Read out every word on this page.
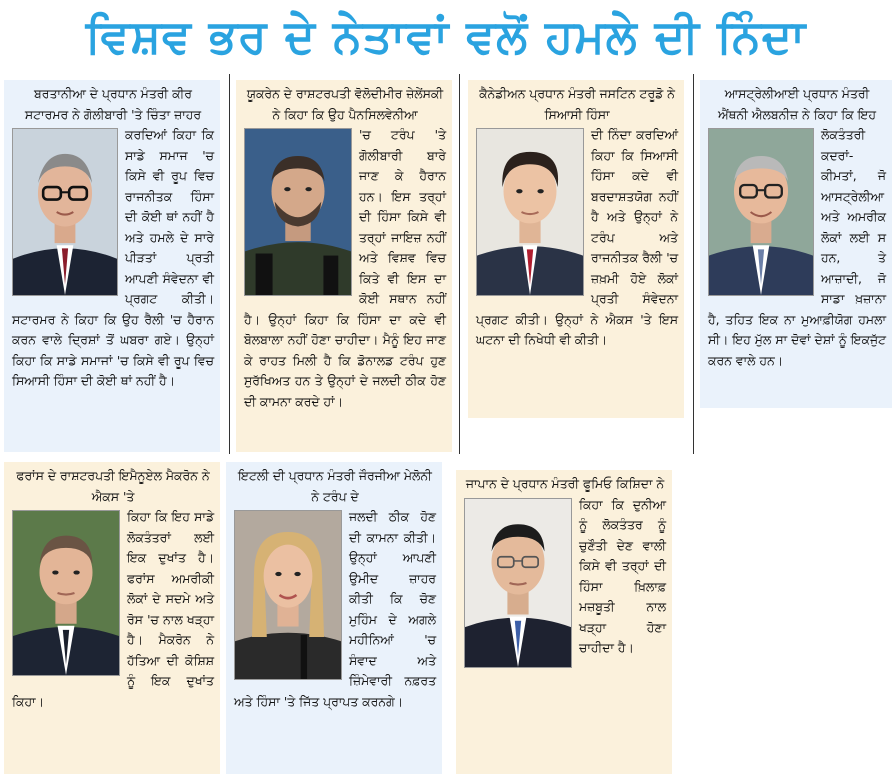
ਵਿਸ਼ਵ ਭਰ ਦੇ ਨੇਤਾਵਾਂ ਵਲੋਂ ਹਮਲੇ ਦੀ ਨਿੰਦਾ

ਬਰਤਾਨੀਆ ਦੇ ਪ੍ਰਧਾਨ ਮੰਤਰੀ ਕੀਰ ਸਟਾਰਮਰ ਨੇ ਗੋਲੀਬਾਰੀ 'ਤੇ ਚਿੰਤਾ ਜ਼ਾਹਰ

ਕਰਦਿਆਂ ਕਿਹਾ ਕਿ ਸਾਡੇ ਸਮਾਜ 'ਚ ਕਿਸੇ ਵੀ ਰੂਪ ਵਿਚ ਰਾਜਨੀਤਕ ਹਿੰਸਾ ਦੀ ਕੋਈ ਥਾਂ ਨਹੀਂ ਹੈ ਅਤੇ ਹਮਲੇ ਦੇ ਸਾਰੇ ਪੀੜਤਾਂ ਪ੍ਰਤੀ ਆਪਣੀ ਸੰਵੇਦਨਾ ਵੀ ਪ੍ਰਗਟ ਕੀਤੀ। ਸਟਾਰਮਰ ਨੇ ਕਿਹਾ ਕਿ ਉਹ ਰੈਲੀ 'ਚ ਹੈਰਾਨ ਕਰਨ ਵਾਲੇ ਦ੍ਰਿਸ਼ਾਂ ਤੋਂ ਘਬਰਾ ਗਏ। ਉਨ੍ਹਾਂ ਕਿਹਾ ਕਿ ਸਾਡੇ ਸਮਾਜਾਂ 'ਚ ਕਿਸੇ ਵੀ ਰੂਪ ਵਿਚ ਸਿਆਸੀ ਹਿੰਸਾ ਦੀ ਕੋਈ ਥਾਂ ਨਹੀਂ ਹੈ।

ਯੂਕਰੇਨ ਦੇ ਰਾਸ਼ਟਰਪਤੀ ਵੋਲੋਦੀਮੀਰ ਜ਼ੇਲੇਂਸਕੀ ਨੇ ਕਿਹਾ ਕਿ ਉਹ ਪੈਨਸਿਲਵੇਨੀਆ

'ਚ ਟਰੰਪ 'ਤੇ ਗੋਲੀਬਾਰੀ ਬਾਰੇ ਜਾਣ ਕੇ ਹੈਰਾਨ ਹਨ। ਇਸ ਤਰ੍ਹਾਂ ਦੀ ਹਿੰਸਾ ਕਿਸੇ ਵੀ ਤਰ੍ਹਾਂ ਜਾਇਜ਼ ਨਹੀਂ ਅਤੇ ਵਿਸ਼ਵ ਵਿਚ ਕਿਤੇ ਵੀ ਇਸ ਦਾ ਕੋਈ ਸਥਾਨ ਨਹੀਂ ਹੈ। ਉਨ੍ਹਾਂ ਕਿਹਾ ਕਿ ਹਿੰਸਾ ਦਾ ਕਦੇ ਵੀ ਬੋਲਬਾਲਾ ਨਹੀਂ ਹੋਣਾ ਚਾਹੀਦਾ। ਮੈਨੂੰ ਇਹ ਜਾਣ ਕੇ ਰਾਹਤ ਮਿਲੀ ਹੈ ਕਿ ਡੋਨਾਲਡ ਟਰੰਪ ਹੁਣ ਸੁਰੱਖਿਅਤ ਹਨ ਤੇ ਉਨ੍ਹਾਂ ਦੇ ਜਲਦੀ ਠੀਕ ਹੋਣ ਦੀ ਕਾਮਨਾ ਕਰਦੇ ਹਾਂ।

ਕੈਨੇਡੀਅਨ ਪ੍ਰਧਾਨ ਮੰਤਰੀ ਜਸਟਿਨ ਟਰੂਡੋ ਨੇ ਸਿਆਸੀ ਹਿੰਸਾ

ਦੀ ਨਿੰਦਾ ਕਰਦਿਆਂ ਕਿਹਾ ਕਿ ਸਿਆਸੀ ਹਿੰਸਾ ਕਦੇ ਵੀ ਬਰਦਾਸ਼ਤਯੋਗ ਨਹੀਂ ਹੈ ਅਤੇ ਉਨ੍ਹਾਂ ਨੇ ਟਰੰਪ ਅਤੇ ਰਾਜਨੀਤਕ ਰੈਲੀ 'ਚ ਜ਼ਖ਼ਮੀ ਹੋਏ ਲੋਕਾਂ ਪ੍ਰਤੀ ਸੰਵੇਦਨਾ ਪ੍ਰਗਟ ਕੀਤੀ। ਉਨ੍ਹਾਂ ਨੇ ਐਕਸ 'ਤੇ ਇਸ ਘਟਨਾ ਦੀ ਨਿਖੇਧੀ ਵੀ ਕੀਤੀ।

ਆਸਟ੍ਰੇਲੀਆਈ ਪ੍ਰਧਾਨ ਮੰਤਰੀ ਐਂਥਨੀ ਐਲਬਨੀਜ਼ ਨੇ ਕਿਹਾ ਕਿ ਇਹ

ਲੋਕਤੰਤਰੀ ਕਦਰਾਂ-ਕੀਮਤਾਂ, ਜੋ ਆਸਟ੍ਰੇਲੀਆ ਅਤੇ ਅਮਰੀਕ ਲੋਕਾਂ ਲਈ ਸ ਹਨ, ਤੇ ਆਜ਼ਾਦੀ, ਜੋ ਸਾਡਾ ਖ਼ਜ਼ਾਨਾ ਹੈ, ਤਹਿਤ ਇਕ ਨਾ ਮੁਆਫ਼ੀਯੋਗ ਹਮਲਾ ਸੀ। ਇਹ ਮੁੱਲ ਸਾ ਦੋਵਾਂ ਦੇਸ਼ਾਂ ਨੂੰ ਇਕਜੁੱਟ ਕਰਨ ਵਾਲੇ ਹਨ।

ਫਰਾਂਸ ਦੇ ਰਾਸ਼ਟਰਪਤੀ ਇਮੈਨੂਏਲ ਮੈਕਰੋਨ ਨੇ ਐਕਸ 'ਤੇ

ਕਿਹਾ ਕਿ ਇਹ ਸਾਡੇ ਲੋਕਤੰਤਰਾਂ ਲਈ ਇਕ ਦੁਖਾਂਤ ਹੈ। ਫਰਾਂਸ ਅਮਰੀਕੀ ਲੋਕਾਂ ਦੇ ਸਦਮੇ ਅਤੇ ਰੋਸ 'ਚ ਨਾਲ ਖੜ੍ਹਾ ਹੈ। ਮੈਕਰੋਨ ਨੇ ਹੱਤਿਆ ਦੀ ਕੋਸ਼ਿਸ਼ ਨੂੰ ਇਕ ਦੁਖਾਂਤ ਕਿਹਾ।

ਇਟਲੀ ਦੀ ਪ੍ਰਧਾਨ ਮੰਤਰੀ ਜੌਰਜੀਆ ਮੇਲੋਨੀ ਨੇ ਟਰੰਪ ਦੇ

ਜਲਦੀ ਠੀਕ ਹੋਣ ਦੀ ਕਾਮਨਾ ਕੀਤੀ। ਉਨ੍ਹਾਂ ਆਪਣੀ ਉਮੀਦ ਜ਼ਾਹਰ ਕੀਤੀ ਕਿ ਚੋਣ ਮੁਹਿੰਮ ਦੇ ਅਗਲੇ ਮਹੀਨਿਆਂ 'ਚ ਸੰਵਾਦ ਅਤੇ ਜ਼ਿੰਮੇਵਾਰੀ ਨਫ਼ਰਤ ਅਤੇ ਹਿੰਸਾ 'ਤੇ ਜਿੱਤ ਪ੍ਰਾਪਤ ਕਰਨਗੇ।

ਜਾਪਾਨ ਦੇ ਪ੍ਰਧਾਨ ਮੰਤਰੀ ਫੂਮਿਓ ਕਿਸ਼ਿਦਾ ਨੇ

ਕਿਹਾ ਕਿ ਦੁਨੀਆ ਨੂੰ ਲੋਕਤੰਤਰ ਨੂੰ ਚੁਣੌਤੀ ਦੇਣ ਵਾਲੀ ਕਿਸੇ ਵੀ ਤਰ੍ਹਾਂ ਦੀ ਹਿੰਸਾ ਖ਼ਿਲਾਫ਼ ਮਜ਼ਬੂਤੀ ਨਾਲ ਖੜ੍ਹਾ ਹੋਣਾ ਚਾਹੀਦਾ ਹੈ।
